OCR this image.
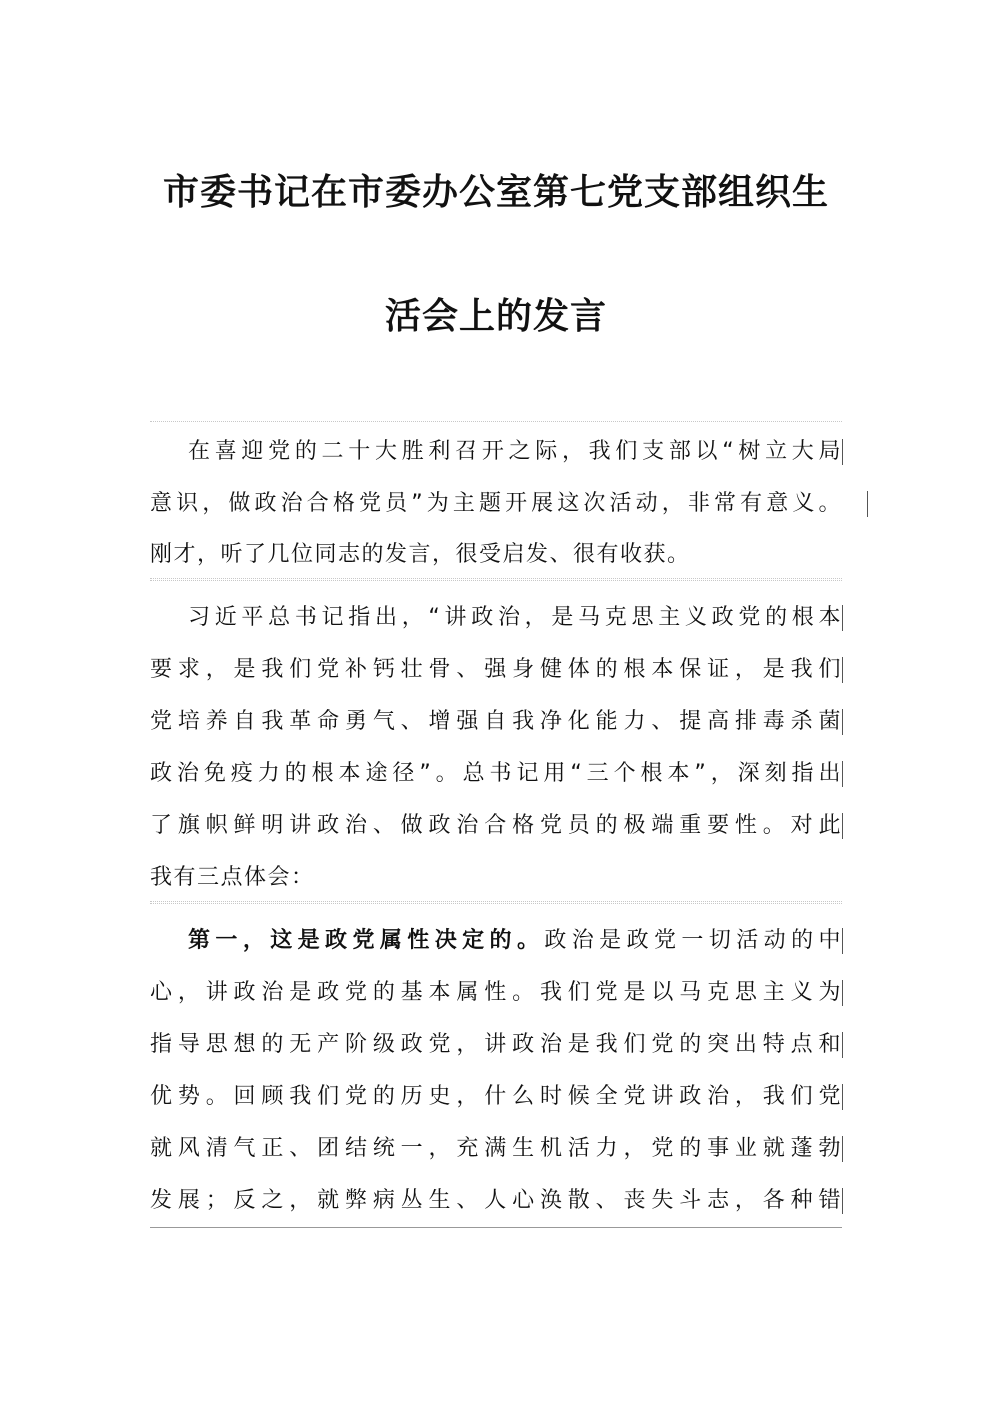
市委书记在市委办公室第七党支部组织生
活会上的发言
在喜迎党的二十大胜利召开之际，我们支部以“树立大局
意识，做政治合格党员”为主题开展这次活动，非常有意义。
刚才，听了几位同志的发言，很受启发、很有收获。
习近平总书记指出，“讲政治，是马克思主义政党的根本
要求，是我们党补钙壮骨、强身健体的根本保证，是我们
党培养自我革命勇气、增强自我净化能力、提高排毒杀菌
政治免疫力的根本途径”。总书记用“三个根本”，深刻指出
了旗帜鲜明讲政治、做政治合格党员的极端重要性。对此
我有三点体会：
第一，这是政党属性决定的。政治是政党一切活动的中
心，讲政治是政党的基本属性。我们党是以马克思主义为
指导思想的无产阶级政党，讲政治是我们党的突出特点和
优势。回顾我们党的历史，什么时候全党讲政治，我们党
就风清气正、团结统一，充满生机活力，党的事业就蓬勃
发展；反之，就弊病丛生、人心涣散、丧失斗志，各种错
